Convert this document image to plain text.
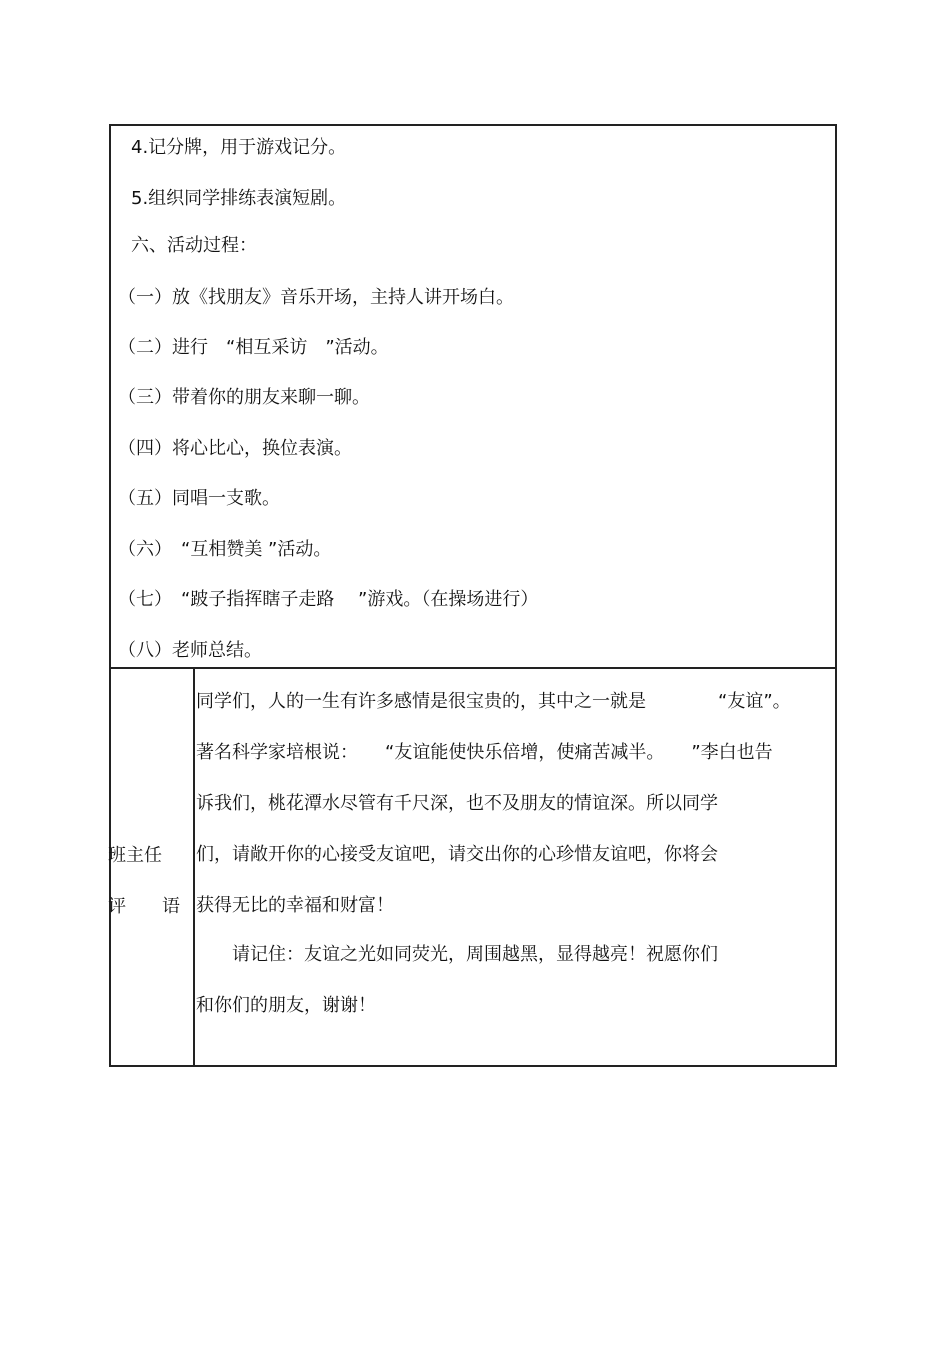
4.记分牌，用于游戏记分。
5.组织同学排练表演短剧。
六、活动过程：
（一）放《找朋友》音乐开场，主持人讲开场白。
（二）进行　“相互采访　”活动。
（三）带着你的朋友来聊一聊。
（四）将心比心，换位表演。
（五）同唱一支歌。
（六）　“互相赞美 ”活动。
（七）　“跛子指挥瞎子走路　 ”游戏。（在操场进行）
（八）老师总结。
班主任
评　　语
同学们，人的一生有许多感情是很宝贵的，其中之一就是　　　　“友谊”。
著名科学家培根说：　　“友谊能使快乐倍增，使痛苦减半。　　”李白也告
诉我们，桃花潭水尽管有千尺深，也不及朋友的情谊深。所以同学
们，请敞开你的心接受友谊吧，请交出你的心珍惜友谊吧，你将会
获得无比的幸福和财富！
　　请记住：友谊之光如同荧光，周围越黑，显得越亮！祝愿你们
和你们的朋友，谢谢！
